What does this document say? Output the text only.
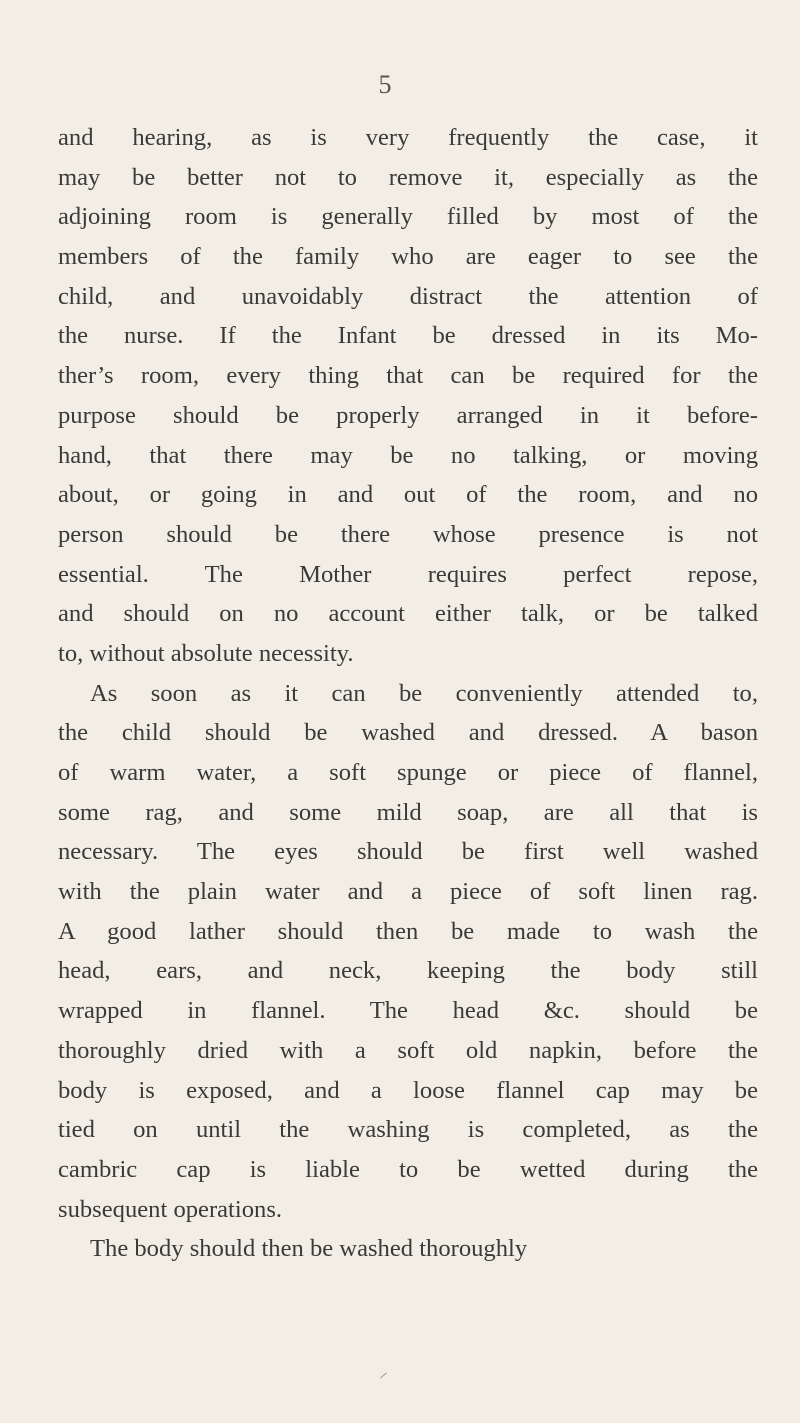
5
and hearing, as is very frequently the case, it
may be better not to remove it, especially as the
adjoining room is generally filled by most of the
members of the family who are eager to see the
child, and unavoidably distract the attention of
the nurse. If the Infant be dressed in its Mo-
ther’s room, every thing that can be required for the
purpose should be properly arranged in it before-
hand, that there may be no talking, or moving
about, or going in and out of the room, and no
person should be there whose presence is not
essential. The Mother requires perfect repose,
and should on no account either talk, or be talked
to, without absolute necessity.
As soon as it can be conveniently attended to,
the child should be washed and dressed. A bason
of warm water, a soft spunge or piece of flannel,
some rag, and some mild soap, are all that is
necessary. The eyes should be first well washed
with the plain water and a piece of soft linen rag.
A good lather should then be made to wash the
head, ears, and neck, keeping the body still
wrapped in flannel. The head &c. should be
thoroughly dried with a soft old napkin, before the
body is exposed, and a loose flannel cap may be
tied on until the washing is completed, as the
cambric cap is liable to be wetted during the
subsequent operations.
The body should then be washed thoroughly
